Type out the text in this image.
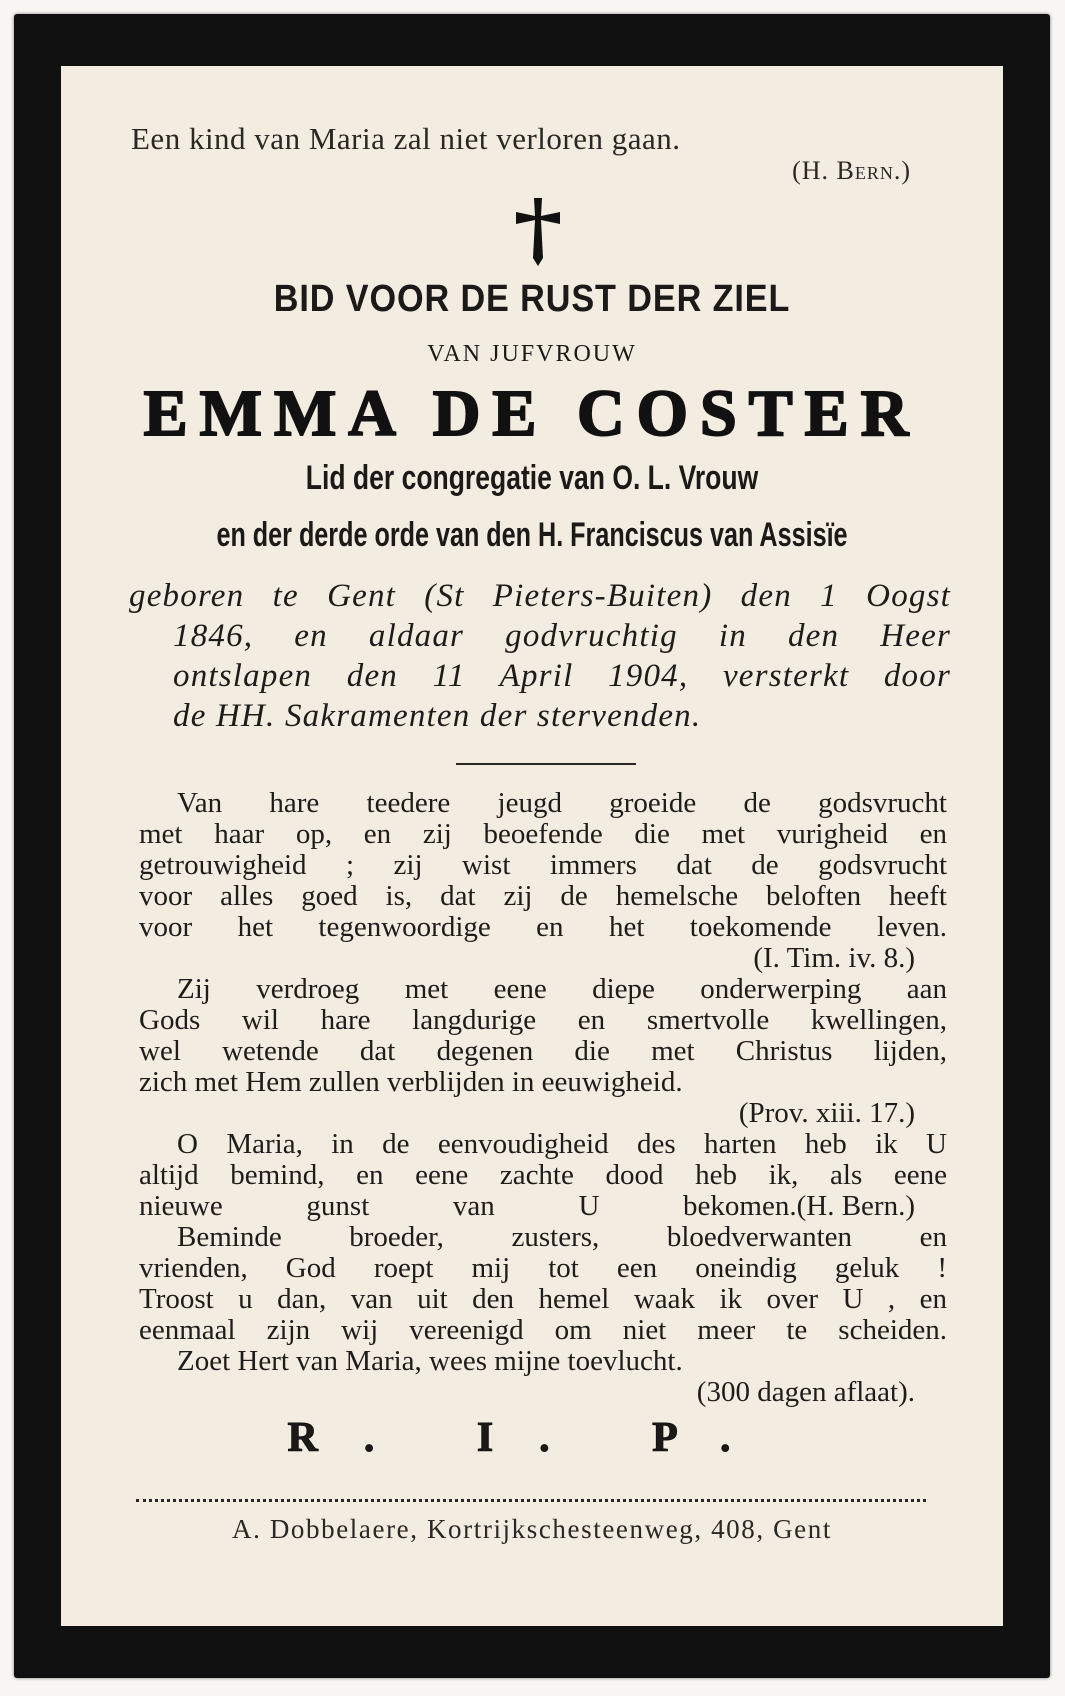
Een kind van Maria zal niet verloren gaan.
(H. Bern.)
BID VOOR DE RUST DER ZIEL
VAN JUFVROUW
EMMA DE COSTER
Lid der congregatie van O. L. Vrouw
en der derde orde van den H. Franciscus van Assisïe
geboren te Gent (St Pieters-Buiten) den 1 Oogst
1846, en aldaar godvruchtig in den Heer
ontslapen den 11 April 1904, versterkt door
de HH. Sakramenten der stervenden.
Van hare teedere jeugd groeide de godsvrucht
met haar op, en zij beoefende die met vurigheid en
getrouwigheid ; zij wist immers dat de godsvrucht
voor alles goed is, dat zij de hemelsche beloften heeft
voor het tegenwoordige en het toekomende leven.
(I. Tim. iv. 8.)
Zij verdroeg met eene diepe onderwerping aan
Gods wil hare langdurige en smertvolle kwellingen,
wel wetende dat degenen die met Christus lijden,
zich met Hem zullen verblijden in eeuwigheid.
(Prov. xiii. 17.)
O Maria, in de eenvoudigheid des harten heb ik U
altijd bemind, en eene zachte dood heb ik, als eene
nieuwe gunst van U bekomen. (H. Bern.)
Beminde broeder, zusters, bloedverwanten en
vrienden, God roept mij tot een oneindig geluk !
Troost u dan, van uit den hemel waak ik over U , en
eenmaal zijn wij vereenigd om niet meer te scheiden.
Zoet Hert van Maria, wees mijne toevlucht.
(300 dagen aflaat).
R. I. P.
A. Dobbelaere, Kortrijkschesteenweg, 408, Gent
